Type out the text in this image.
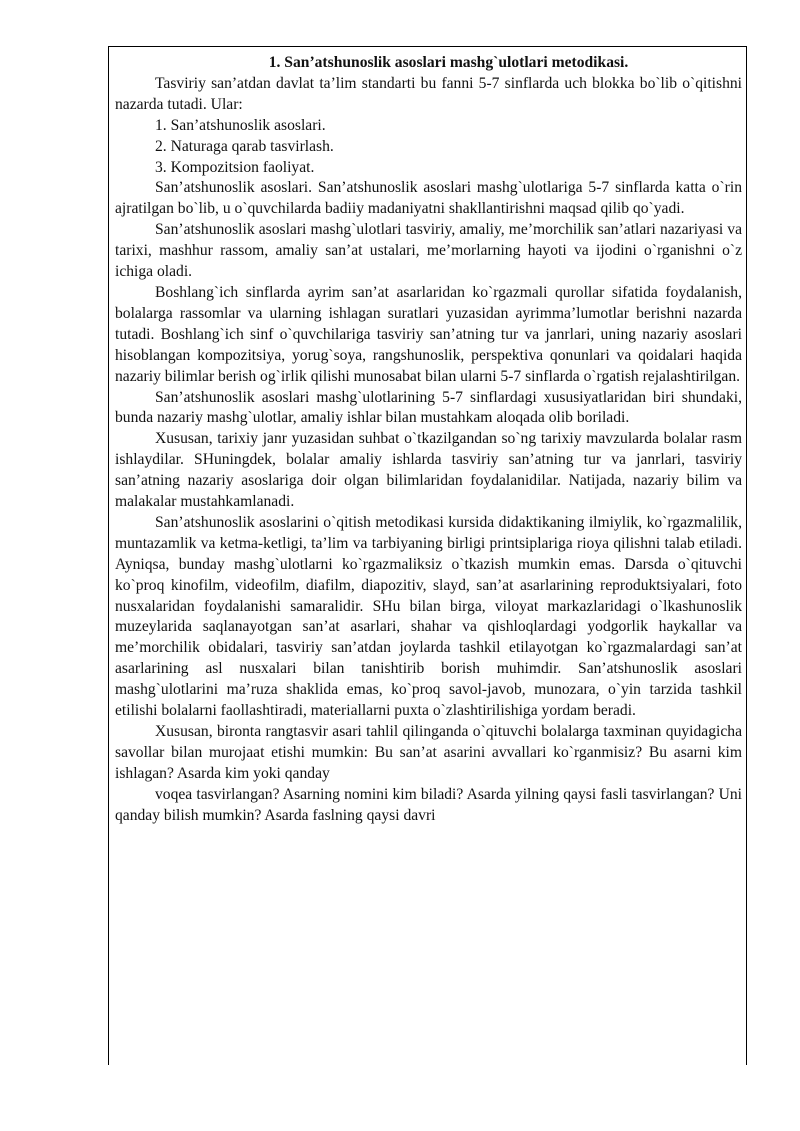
1. San’atshunoslik asoslari mashg`ulotlari metodikasi.

Tasviriy san’atdan davlat ta’lim standarti bu fanni 5-7 sinflarda uch blokka bo`lib o`qitishni nazarda tutadi. Ular:

1. San’atshunoslik asoslari.

2. Naturaga qarab tasvirlash.

3. Kompozitsion faoliyat.

San’atshunoslik asoslari. San’atshunoslik asoslari mashg`ulotlariga 5-7 sinflarda katta o`rin ajratilgan bo`lib, u o`quvchilarda badiiy madaniyatni shakllantirishni maqsad qilib qo`yadi.

San’atshunoslik asoslari mashg`ulotlari tasviriy, amaliy, me’morchilik san’atlari nazariyasi va tarixi, mashhur rassom, amaliy san’at ustalari, me’morlarning hayoti va ijodini o`rganishni o`z ichiga oladi.

Boshlang`ich sinflarda ayrim san’at asarlaridan ko`rgazmali qurollar sifatida foydalanish, bolalarga rassomlar va ularning ishlagan suratlari yuzasidan ayrimma’lumotlar berishni nazarda tutadi. Boshlang`ich sinf o`quvchilariga tasviriy san’atning tur va janrlari, uning nazariy asoslari hisoblangan kompozitsiya, yorug`soya, rangshunoslik, perspektiva qonunlari va qoidalari haqida nazariy bilimlar berish og`irlik qilishi munosabat bilan ularni 5-7 sinflarda o`rgatish rejalashtirilgan.

San’atshunoslik asoslari mashg`ulotlarining 5-7 sinflardagi xususiyatlaridan biri shundaki, bunda nazariy mashg`ulotlar, amaliy ishlar bilan mustahkam aloqada olib boriladi.

Xususan, tarixiy janr yuzasidan suhbat o`tkazilgandan so`ng tarixiy mavzularda bolalar rasm ishlaydilar. SHuningdek, bolalar amaliy ishlarda tasviriy san’atning tur va janrlari, tasviriy san’atning nazariy asoslariga doir olgan bilimlaridan foydalanidilar. Natijada, nazariy bilim va malakalar mustahkamlanadi.

San’atshunoslik asoslarini o`qitish metodikasi kursida didaktikaning ilmiylik, ko`rgazmalilik, muntazamlik va ketma-ketligi, ta’lim va tarbiyaning birligi printsiplariga rioya qilishni talab etiladi. Ayniqsa, bunday mashg`ulotlarni ko`rgazmaliksiz o`tkazish mumkin emas. Darsda o`qituvchi ko`proq kinofilm, videofilm, diafilm, diapozitiv, slayd, san’at asarlarining reproduktsiyalari, foto nusxalaridan foydalanishi samaralidir. SHu bilan birga, viloyat markazlaridagi o`lkashunoslik muzeylarida saqlanayotgan san’at asarlari, shahar va qishloqlardagi yodgorlik haykallar va me’morchilik obidalari, tasviriy san’atdan joylarda tashkil etilayotgan ko`rgazmalardagi san’at asarlarining asl nusxalari bilan tanishtirib borish muhimdir. San’atshunoslik asoslari mashg`ulotlarini ma’ruza shaklida emas, ko`proq savol-javob, munozara, o`yin tarzida tashkil etilishi bolalarni faollashtiradi, materiallarni puxta o`zlashtirilishiga yordam beradi.

Xususan, bironta rangtasvir asari tahlil qilinganda o`qituvchi bolalarga taxminan quyidagicha savollar bilan murojaat etishi mumkin: Bu san’at asarini avvallari ko`rganmisiz? Bu asarni kim ishlagan? Asarda kim yoki qanday

voqea tasvirlangan? Asarning nomini kim biladi? Asarda yilning qaysi fasli tasvirlangan? Uni qanday bilish mumkin? Asarda faslning qaysi davri
